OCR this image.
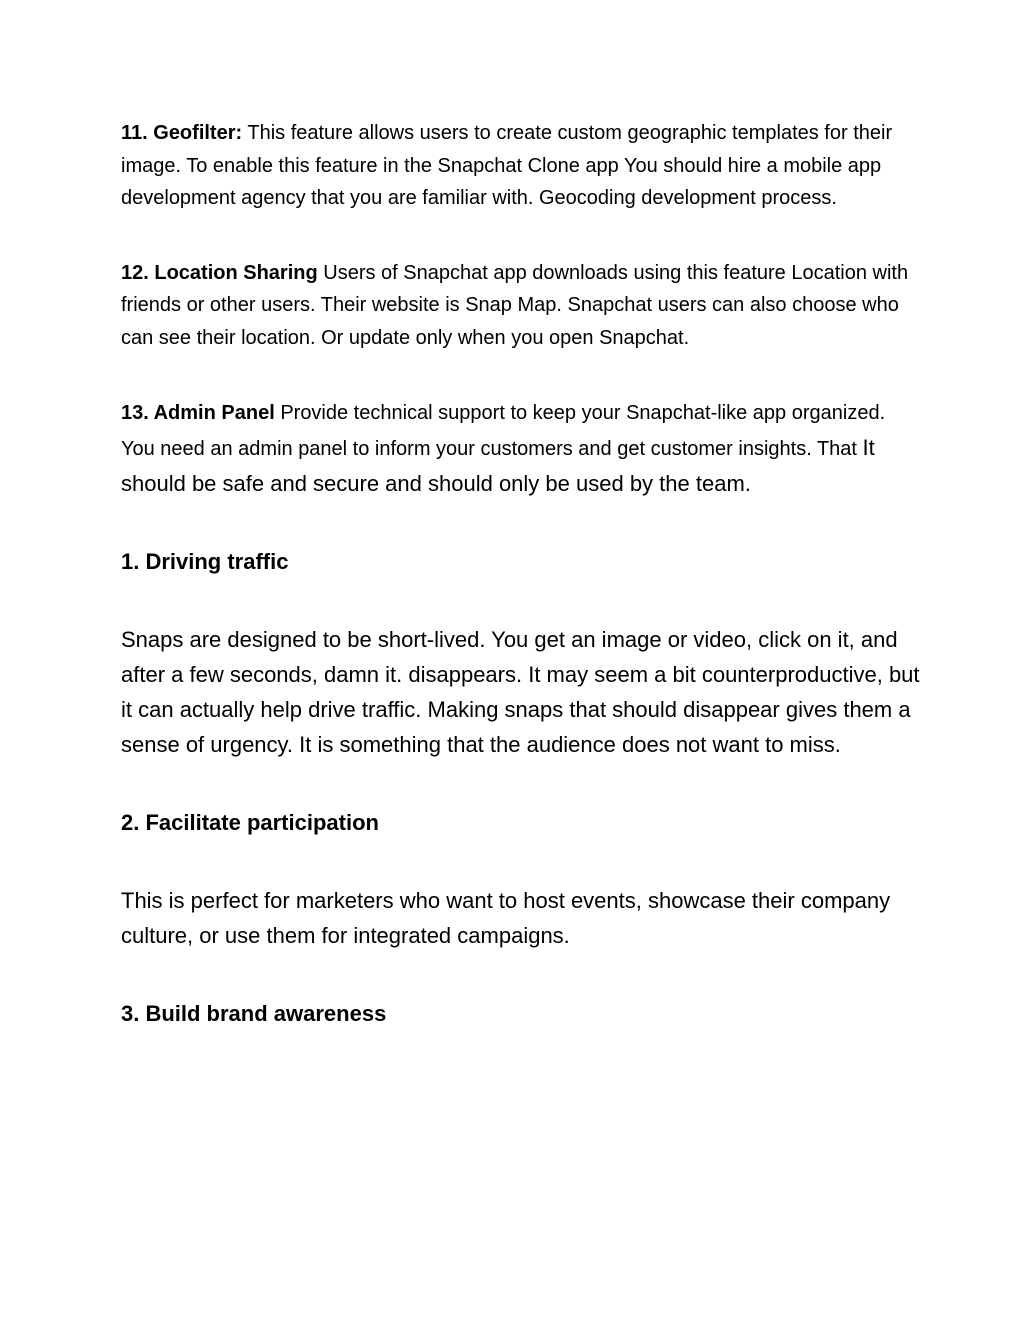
11. Geofilter: This feature allows users to create custom geographic templates for their image. To enable this feature in the Snapchat Clone app You should hire a mobile app development agency that you are familiar with. Geocoding development process.

12. Location Sharing Users of Snapchat app downloads using this feature Location with friends or other users. Their website is Snap Map. Snapchat users can also choose who can see their location. Or update only when you open Snapchat.

13. Admin Panel Provide technical support to keep your Snapchat-like app organized. You need an admin panel to inform your customers and get customer insights. That It should be safe and secure and should only be used by the team.

1. Driving traffic

Snaps are designed to be short-lived. You get an image or video, click on it, and after a few seconds, damn it. disappears. It may seem a bit counterproductive, but it can actually help drive traffic. Making snaps that should disappear gives them a sense of urgency. It is something that the audience does not want to miss.

2. Facilitate participation

This is perfect for marketers who want to host events, showcase their company culture, or use them for integrated campaigns.

3. Build brand awareness
